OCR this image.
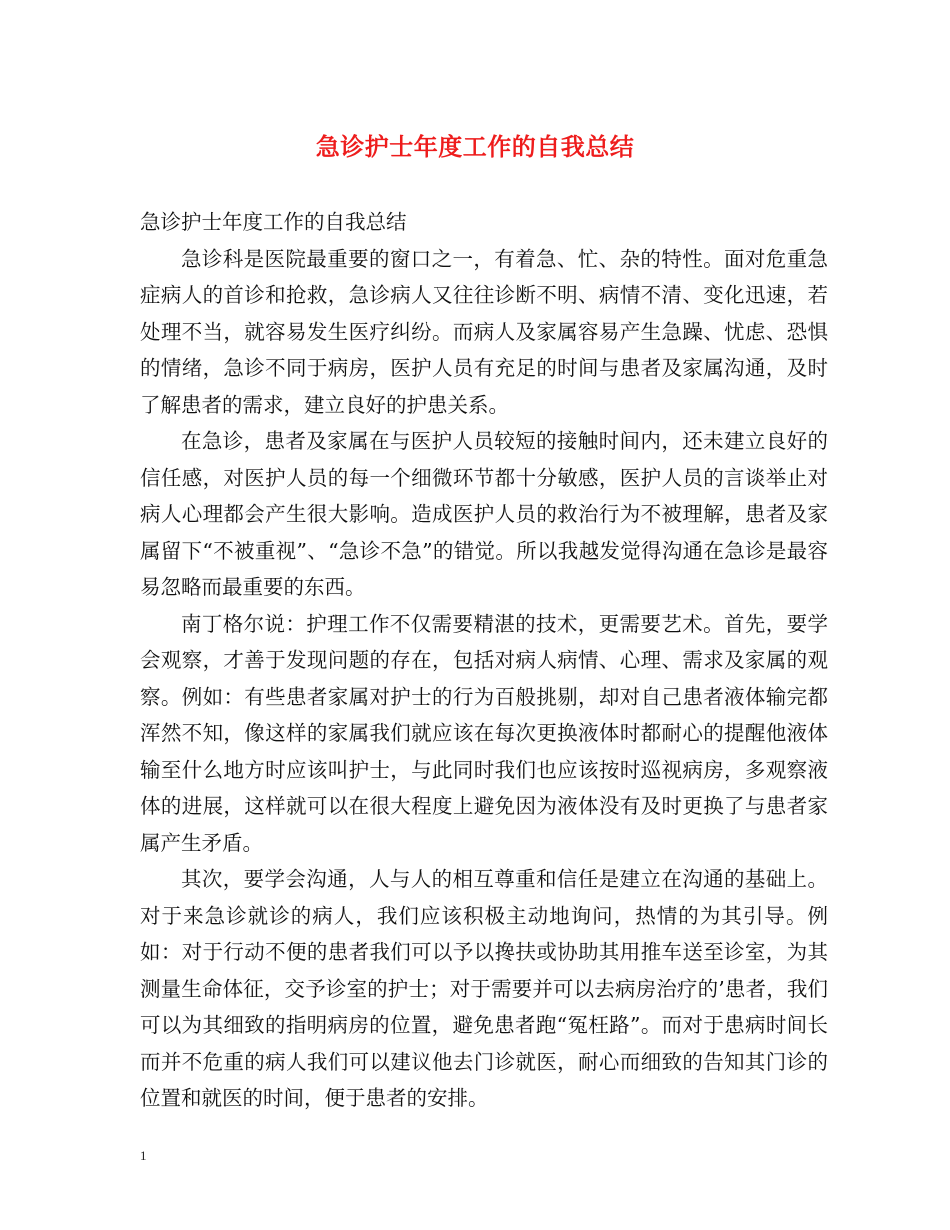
急诊护士年度工作的自我总结

急诊护士年度工作的自我总结

急诊科是医院最重要的窗口之一，有着急、忙、杂的特性。面对危重急症病人的首诊和抢救，急诊病人又往往诊断不明、病情不清、变化迅速，若处理不当，就容易发生医疗纠纷。而病人及家属容易产生急躁、忧虑、恐惧的情绪，急诊不同于病房，医护人员有充足的时间与患者及家属沟通，及时了解患者的需求，建立良好的护患关系。

在急诊，患者及家属在与医护人员较短的接触时间内，还未建立良好的信任感，对医护人员的每一个细微环节都十分敏感，医护人员的言谈举止对病人心理都会产生很大影响。造成医护人员的救治行为不被理解，患者及家属留下“不被重视”、“急诊不急”的错觉。所以我越发觉得沟通在急诊是最容易忽略而最重要的东西。

南丁格尔说：护理工作不仅需要精湛的技术，更需要艺术。首先，要学会观察，才善于发现问题的存在，包括对病人病情、心理、需求及家属的观察。例如：有些患者家属对护士的行为百般挑剔，却对自己患者液体输完都浑然不知，像这样的家属我们就应该在每次更换液体时都耐心的提醒他液体输至什么地方时应该叫护士，与此同时我们也应该按时巡视病房，多观察液体的进展，这样就可以在很大程度上避免因为液体没有及时更换了与患者家属产生矛盾。

其次，要学会沟通，人与人的相互尊重和信任是建立在沟通的基础上。对于来急诊就诊的病人，我们应该积极主动地询问，热情的为其引导。例如：对于行动不便的患者我们可以予以搀扶或协助其用推车送至诊室，为其测量生命体征，交予诊室的护士；对于需要并可以去病房治疗的’患者，我们可以为其细致的指明病房的位置，避免患者跑“冤枉路”。而对于患病时间长而并不危重的病人我们可以建议他去门诊就医，耐心而细致的告知其门诊的位置和就医的时间，便于患者的安排。

1
